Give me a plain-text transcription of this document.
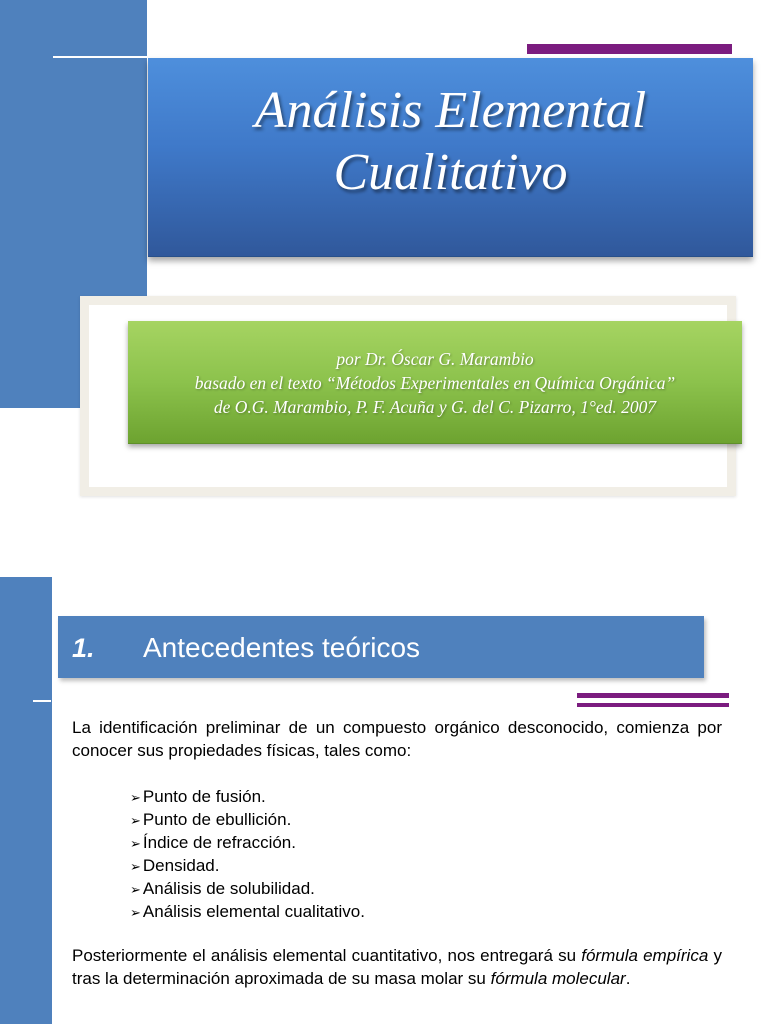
Análisis Elemental
Cualitativo
por Dr. Óscar G. Marambio
basado en el texto “Métodos Experimentales en Química Orgánica”
de O.G. Marambio, P. F. Acuña y G. del C. Pizarro, 1°ed. 2007
1. Antecedentes teóricos
La identificación preliminar de un compuesto orgánico desconocido, comienza por conocer sus propiedades físicas, tales como:
➢ Punto de fusión.
➢ Punto de ebullición.
➢ Índice de refracción.
➢ Densidad.
➢ Análisis de solubilidad.
➢ Análisis elemental cualitativo.
Posteriormente el análisis elemental cuantitativo, nos entregará su fórmula empírica y tras la determinación aproximada de su masa molar su fórmula molecular.
